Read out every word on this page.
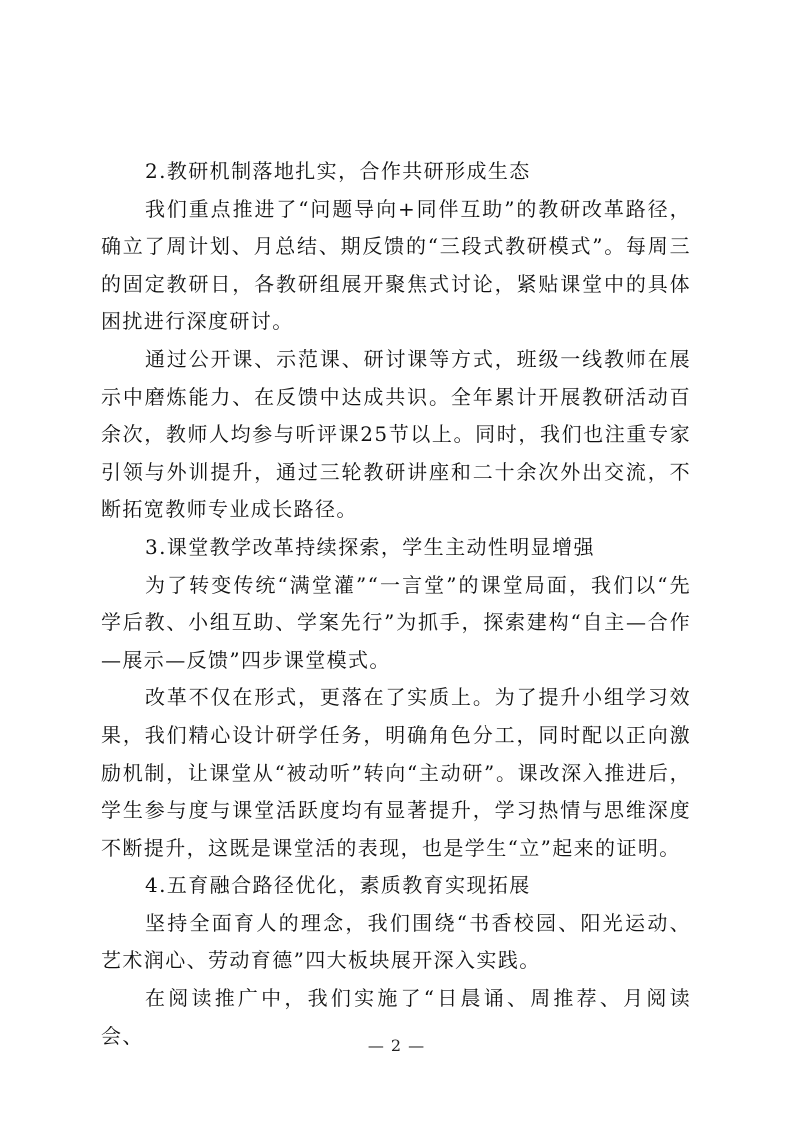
2.教研机制落地扎实，合作共研形成生态

我们重点推进了“问题导向+同伴互助”的教研改革路径，确立了周计划、月总结、期反馈的“三段式教研模式”。每周三的固定教研日，各教研组展开聚焦式讨论，紧贴课堂中的具体困扰进行深度研讨。

通过公开课、示范课、研讨课等方式，班级一线教师在展示中磨炼能力、在反馈中达成共识。全年累计开展教研活动百余次，教师人均参与听评课25节以上。同时，我们也注重专家引领与外训提升，通过三轮教研讲座和二十余次外出交流，不断拓宽教师专业成长路径。

3.课堂教学改革持续探索，学生主动性明显增强

为了转变传统“满堂灌”“一言堂”的课堂局面，我们以“先学后教、小组互助、学案先行”为抓手，探索建构“自主—合作—展示—反馈”四步课堂模式。

改革不仅在形式，更落在了实质上。为了提升小组学习效果，我们精心设计研学任务，明确角色分工，同时配以正向激励机制，让课堂从“被动听”转向“主动研”。课改深入推进后，学生参与度与课堂活跃度均有显著提升，学习热情与思维深度不断提升，这既是课堂活的表现，也是学生“立”起来的证明。

4.五育融合路径优化，素质教育实现拓展

坚持全面育人的理念，我们围绕“书香校园、阳光运动、艺术润心、劳动育德”四大板块展开深入实践。

在阅读推广中，我们实施了“日晨诵、周推荐、月阅读会、	— 2 —
